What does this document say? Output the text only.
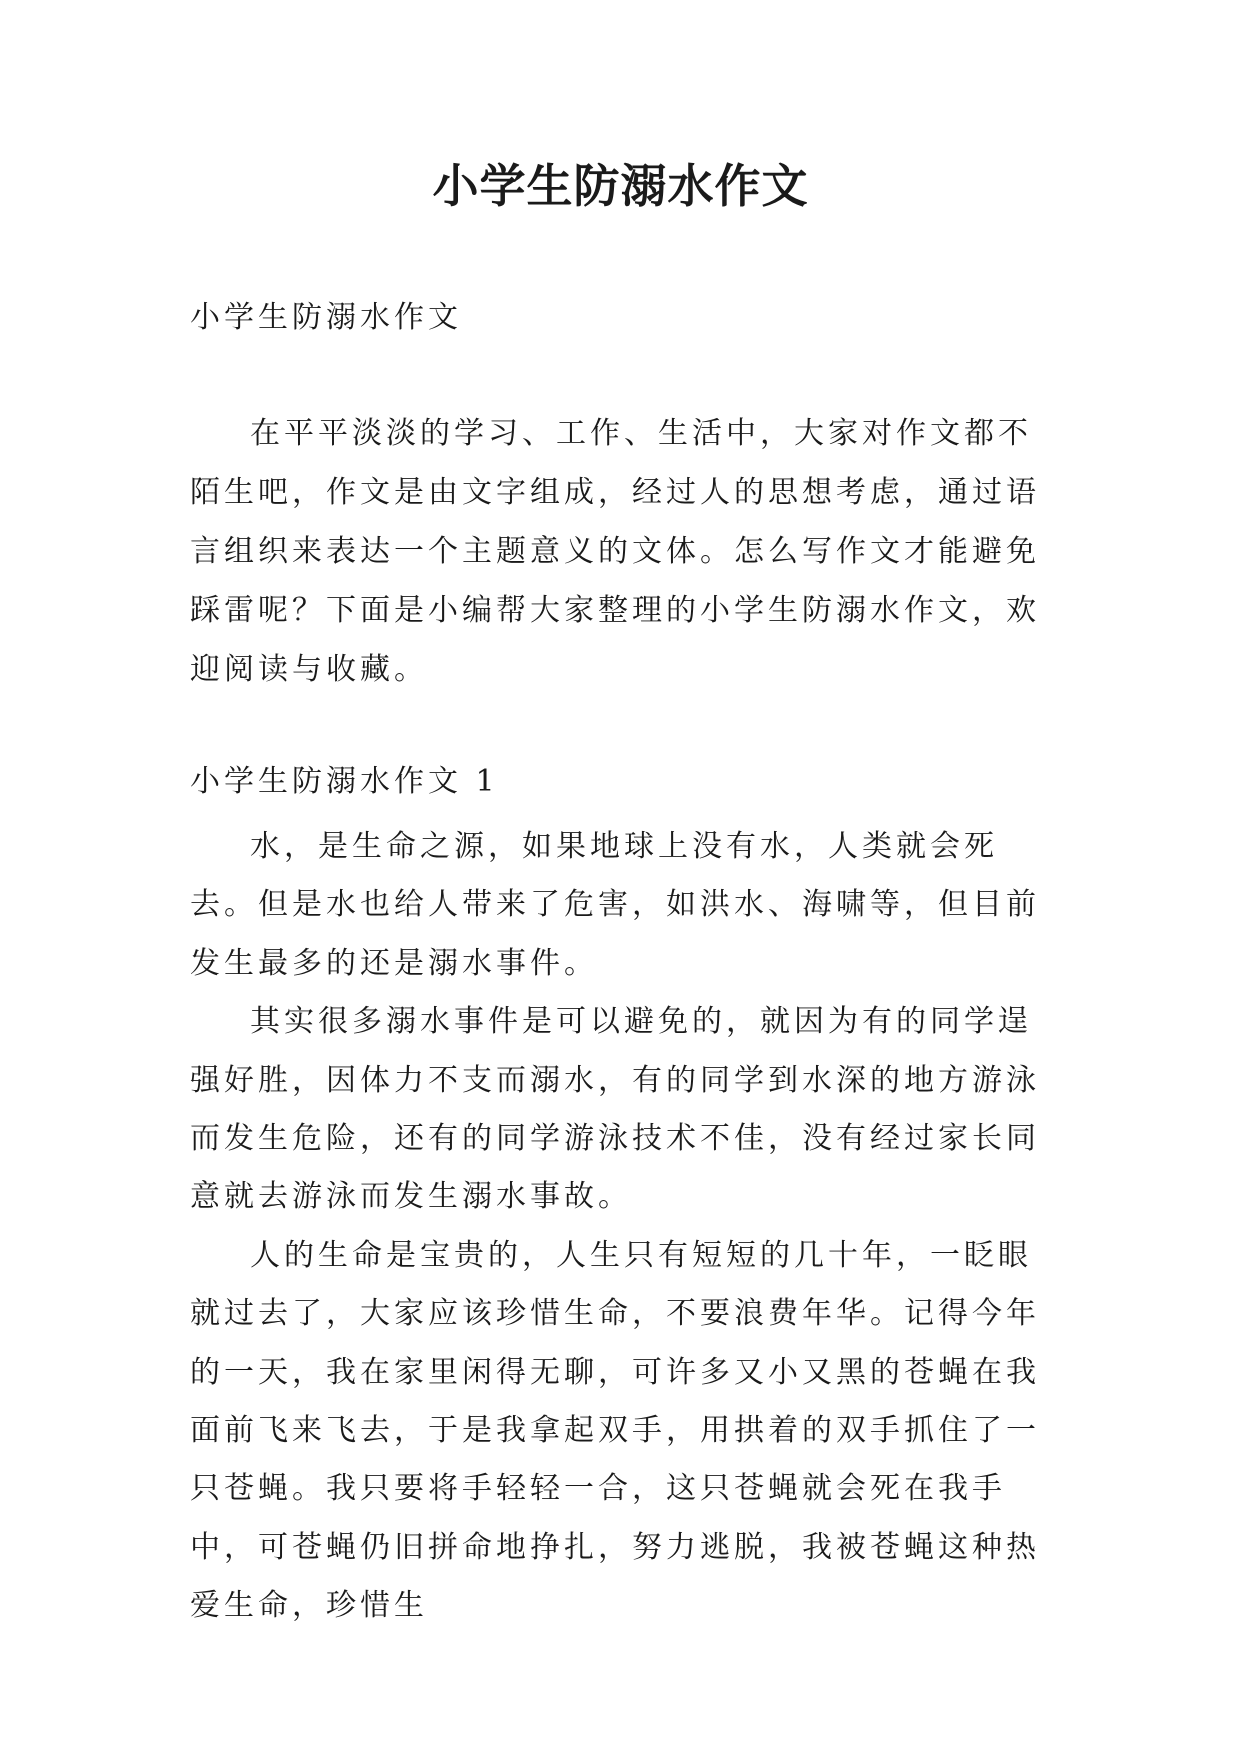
小学生防溺水作文
小学生防溺水作文

在平平淡淡的学习、工作、生活中，大家对作文都不陌生吧，作文是由文字组成，经过人的思想考虑，通过语言组织来表达一个主题意义的文体。怎么写作文才能避免踩雷呢？下面是小编帮大家整理的小学生防溺水作文，欢迎阅读与收藏。

小学生防溺水作文 1

水，是生命之源，如果地球上没有水，人类就会死去。但是水也给人带来了危害，如洪水、海啸等，但目前发生最多的还是溺水事件。

其实很多溺水事件是可以避免的，就因为有的同学逞强好胜，因体力不支而溺水，有的同学到水深的地方游泳而发生危险，还有的同学游泳技术不佳，没有经过家长同意就去游泳而发生溺水事故。

人的生命是宝贵的，人生只有短短的几十年，一眨眼就过去了，大家应该珍惜生命，不要浪费年华。记得今年的一天，我在家里闲得无聊，可许多又小又黑的苍蝇在我面前飞来飞去，于是我拿起双手，用拱着的双手抓住了一只苍蝇。我只要将手轻轻一合，这只苍蝇就会死在我手中，可苍蝇仍旧拼命地挣扎，努力逃脱，我被苍蝇这种热爱生命，珍惜生
